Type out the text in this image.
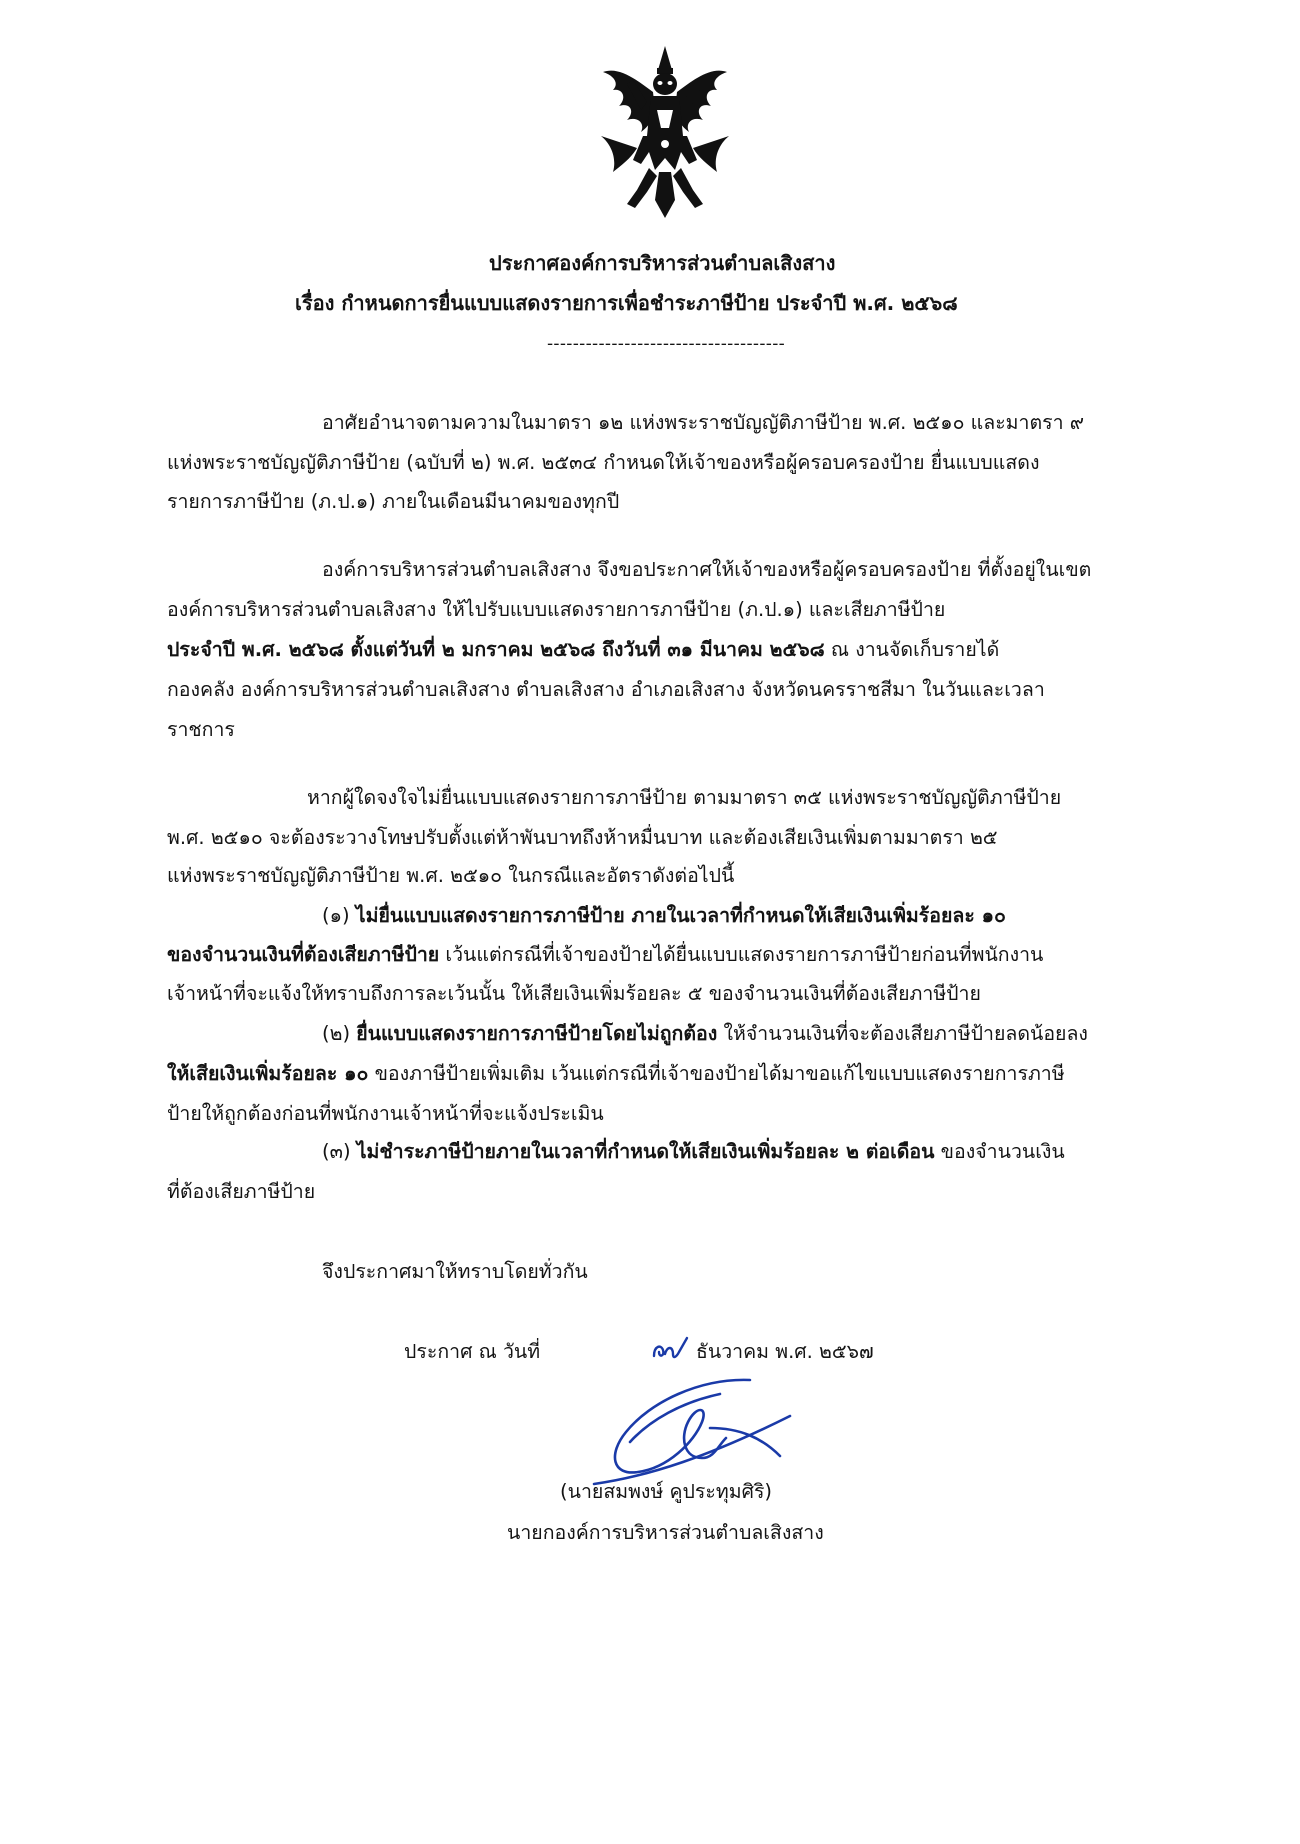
ประกาศองค์การบริหารส่วนตำบลเสิงสาง
เรื่อง กำหนดการยื่นแบบแสดงรายการเพื่อชำระภาษีป้าย ประจำปี พ.ศ. ๒๕๖๘
-------------------------------------
อาศัยอำนาจตามความในมาตรา ๑๒ แห่งพระราชบัญญัติภาษีป้าย พ.ศ. ๒๕๑๐ และมาตรา ๙
แห่งพระราชบัญญัติภาษีป้าย (ฉบับที่ ๒) พ.ศ. ๒๕๓๔ กำหนดให้เจ้าของหรือผู้ครอบครองป้าย ยื่นแบบแสดง
รายการภาษีป้าย (ภ.ป.๑) ภายในเดือนมีนาคมของทุกปี
องค์การบริหารส่วนตำบลเสิงสาง จึงขอประกาศให้เจ้าของหรือผู้ครอบครองป้าย ที่ตั้งอยู่ในเขต
องค์การบริหารส่วนตำบลเสิงสาง ให้ไปรับแบบแสดงรายการภาษีป้าย (ภ.ป.๑) และเสียภาษีป้าย
ประจำปี พ.ศ. ๒๕๖๘ ตั้งแต่วันที่ ๒ มกราคม ๒๕๖๘ ถึงวันที่ ๓๑ มีนาคม ๒๕๖๘ ณ งานจัดเก็บรายได้
กองคลัง องค์การบริหารส่วนตำบลเสิงสาง ตำบลเสิงสาง อำเภอเสิงสาง จังหวัดนครราชสีมา ในวันและเวลา
ราชการ
หากผู้ใดจงใจไม่ยื่นแบบแสดงรายการภาษีป้าย ตามมาตรา ๓๕ แห่งพระราชบัญญัติภาษีป้าย
พ.ศ. ๒๕๑๐ จะต้องระวางโทษปรับตั้งแต่ห้าพันบาทถึงห้าหมื่นบาท และต้องเสียเงินเพิ่มตามมาตรา ๒๕
แห่งพระราชบัญญัติภาษีป้าย พ.ศ. ๒๕๑๐ ในกรณีและอัตราดังต่อไปนี้
(๑) ไม่ยื่นแบบแสดงรายการภาษีป้าย ภายในเวลาที่กำหนดให้เสียเงินเพิ่มร้อยละ ๑๐
ของจำนวนเงินที่ต้องเสียภาษีป้าย เว้นแต่กรณีที่เจ้าของป้ายได้ยื่นแบบแสดงรายการภาษีป้ายก่อนที่พนักงาน
เจ้าหน้าที่จะแจ้งให้ทราบถึงการละเว้นนั้น ให้เสียเงินเพิ่มร้อยละ ๕ ของจำนวนเงินที่ต้องเสียภาษีป้าย
(๒) ยื่นแบบแสดงรายการภาษีป้ายโดยไม่ถูกต้อง ให้จำนวนเงินที่จะต้องเสียภาษีป้ายลดน้อยลง
ให้เสียเงินเพิ่มร้อยละ ๑๐ ของภาษีป้ายเพิ่มเติม เว้นแต่กรณีที่เจ้าของป้ายได้มาขอแก้ไขแบบแสดงรายการภาษี
ป้ายให้ถูกต้องก่อนที่พนักงานเจ้าหน้าที่จะแจ้งประเมิน
(๓) ไม่ชำระภาษีป้ายภายในเวลาที่กำหนดให้เสียเงินเพิ่มร้อยละ ๒ ต่อเดือน ของจำนวนเงิน
ที่ต้องเสียภาษีป้าย
จึงประกาศมาให้ทราบโดยทั่วกัน
ประกาศ ณ วันที่	ธันวาคม พ.ศ. ๒๕๖๗
(นายสมพงษ์ คูประทุมศิริ)
นายกองค์การบริหารส่วนตำบลเสิงสาง
